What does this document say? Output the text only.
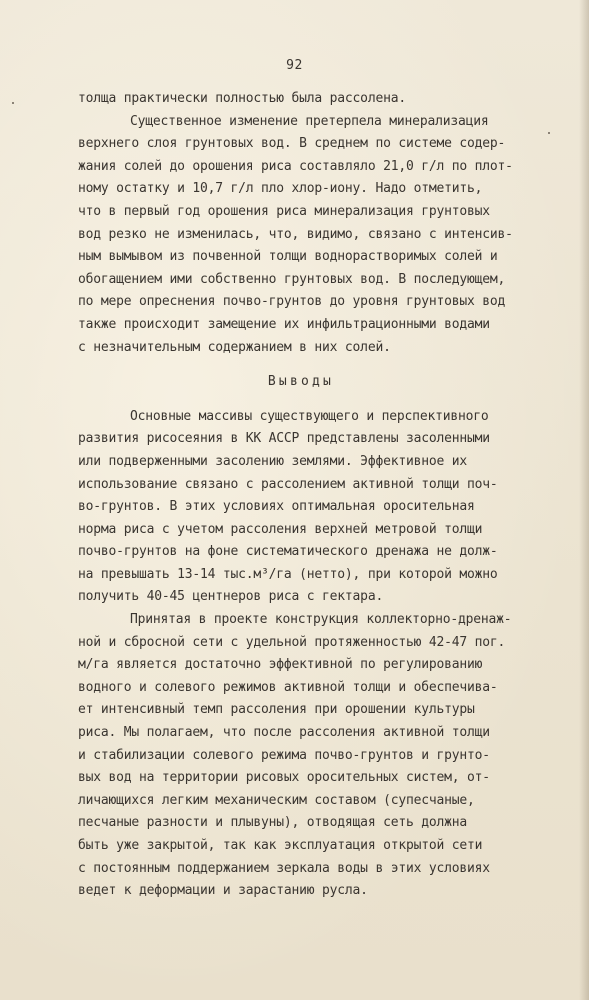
92
толща практически полностью была рассолена.
Существенное изменение претерпела минерализация
верхнего слоя грунтовых вод. В среднем по системе содер-
жания солей до орошения риса составляло 21,0 г/л по плот-
ному остатку и 10,7 г/л пло хлор-иону. Надо отметить,
что в первый год орошения риса минерализация грунтовых
вод резко не изменилась, что, видимо, связано с интенсив-
ным вымывом из почвенной толщи воднорастворимых солей и
обогащением ими собственно грунтовых вод. В последующем,
по мере опреснения почво-грунтов до уровня грунтовых вод
также происходит замещение их инфильтрационными водами
с незначительным содержанием в них солей.
Выводы
Основные массивы существующего и перспективного
развития рисосеяния в КК АССР представлены засоленными
или подверженными засолению землями. Эффективное их
использование связано с рассолением активной толщи поч-
во-грунтов. В этих условиях оптимальная оросительная
норма риса с учетом рассоления верхней метровой толщи
почво-грунтов на фоне систематического дренажа не долж-
на превышать 13-14 тыс.м³/га (нетто), при которой можно
получить 40-45 центнеров риса с гектара.
Принятая в проекте конструкция коллекторно-дренаж-
ной и сбросной сети с удельной протяженностью 42-47 пог.
м/га является достаточно эффективной по регулированию
водного и солевого режимов активной толщи и обеспечива-
ет интенсивный темп рассоления при орошении культуры
риса. Мы полагаем, что после рассоления активной толщи
и стабилизации солевого режима почво-грунтов и грунто-
вых вод на территории рисовых оросительных систем, от-
личающихся легким механическим составом (супесчаные,
песчаные разности и плывуны), отводящая сеть должна
быть уже закрытой, так как эксплуатация открытой сети
с постоянным поддержанием зеркала воды в этих условиях
ведет к деформации и зарастанию русла.
